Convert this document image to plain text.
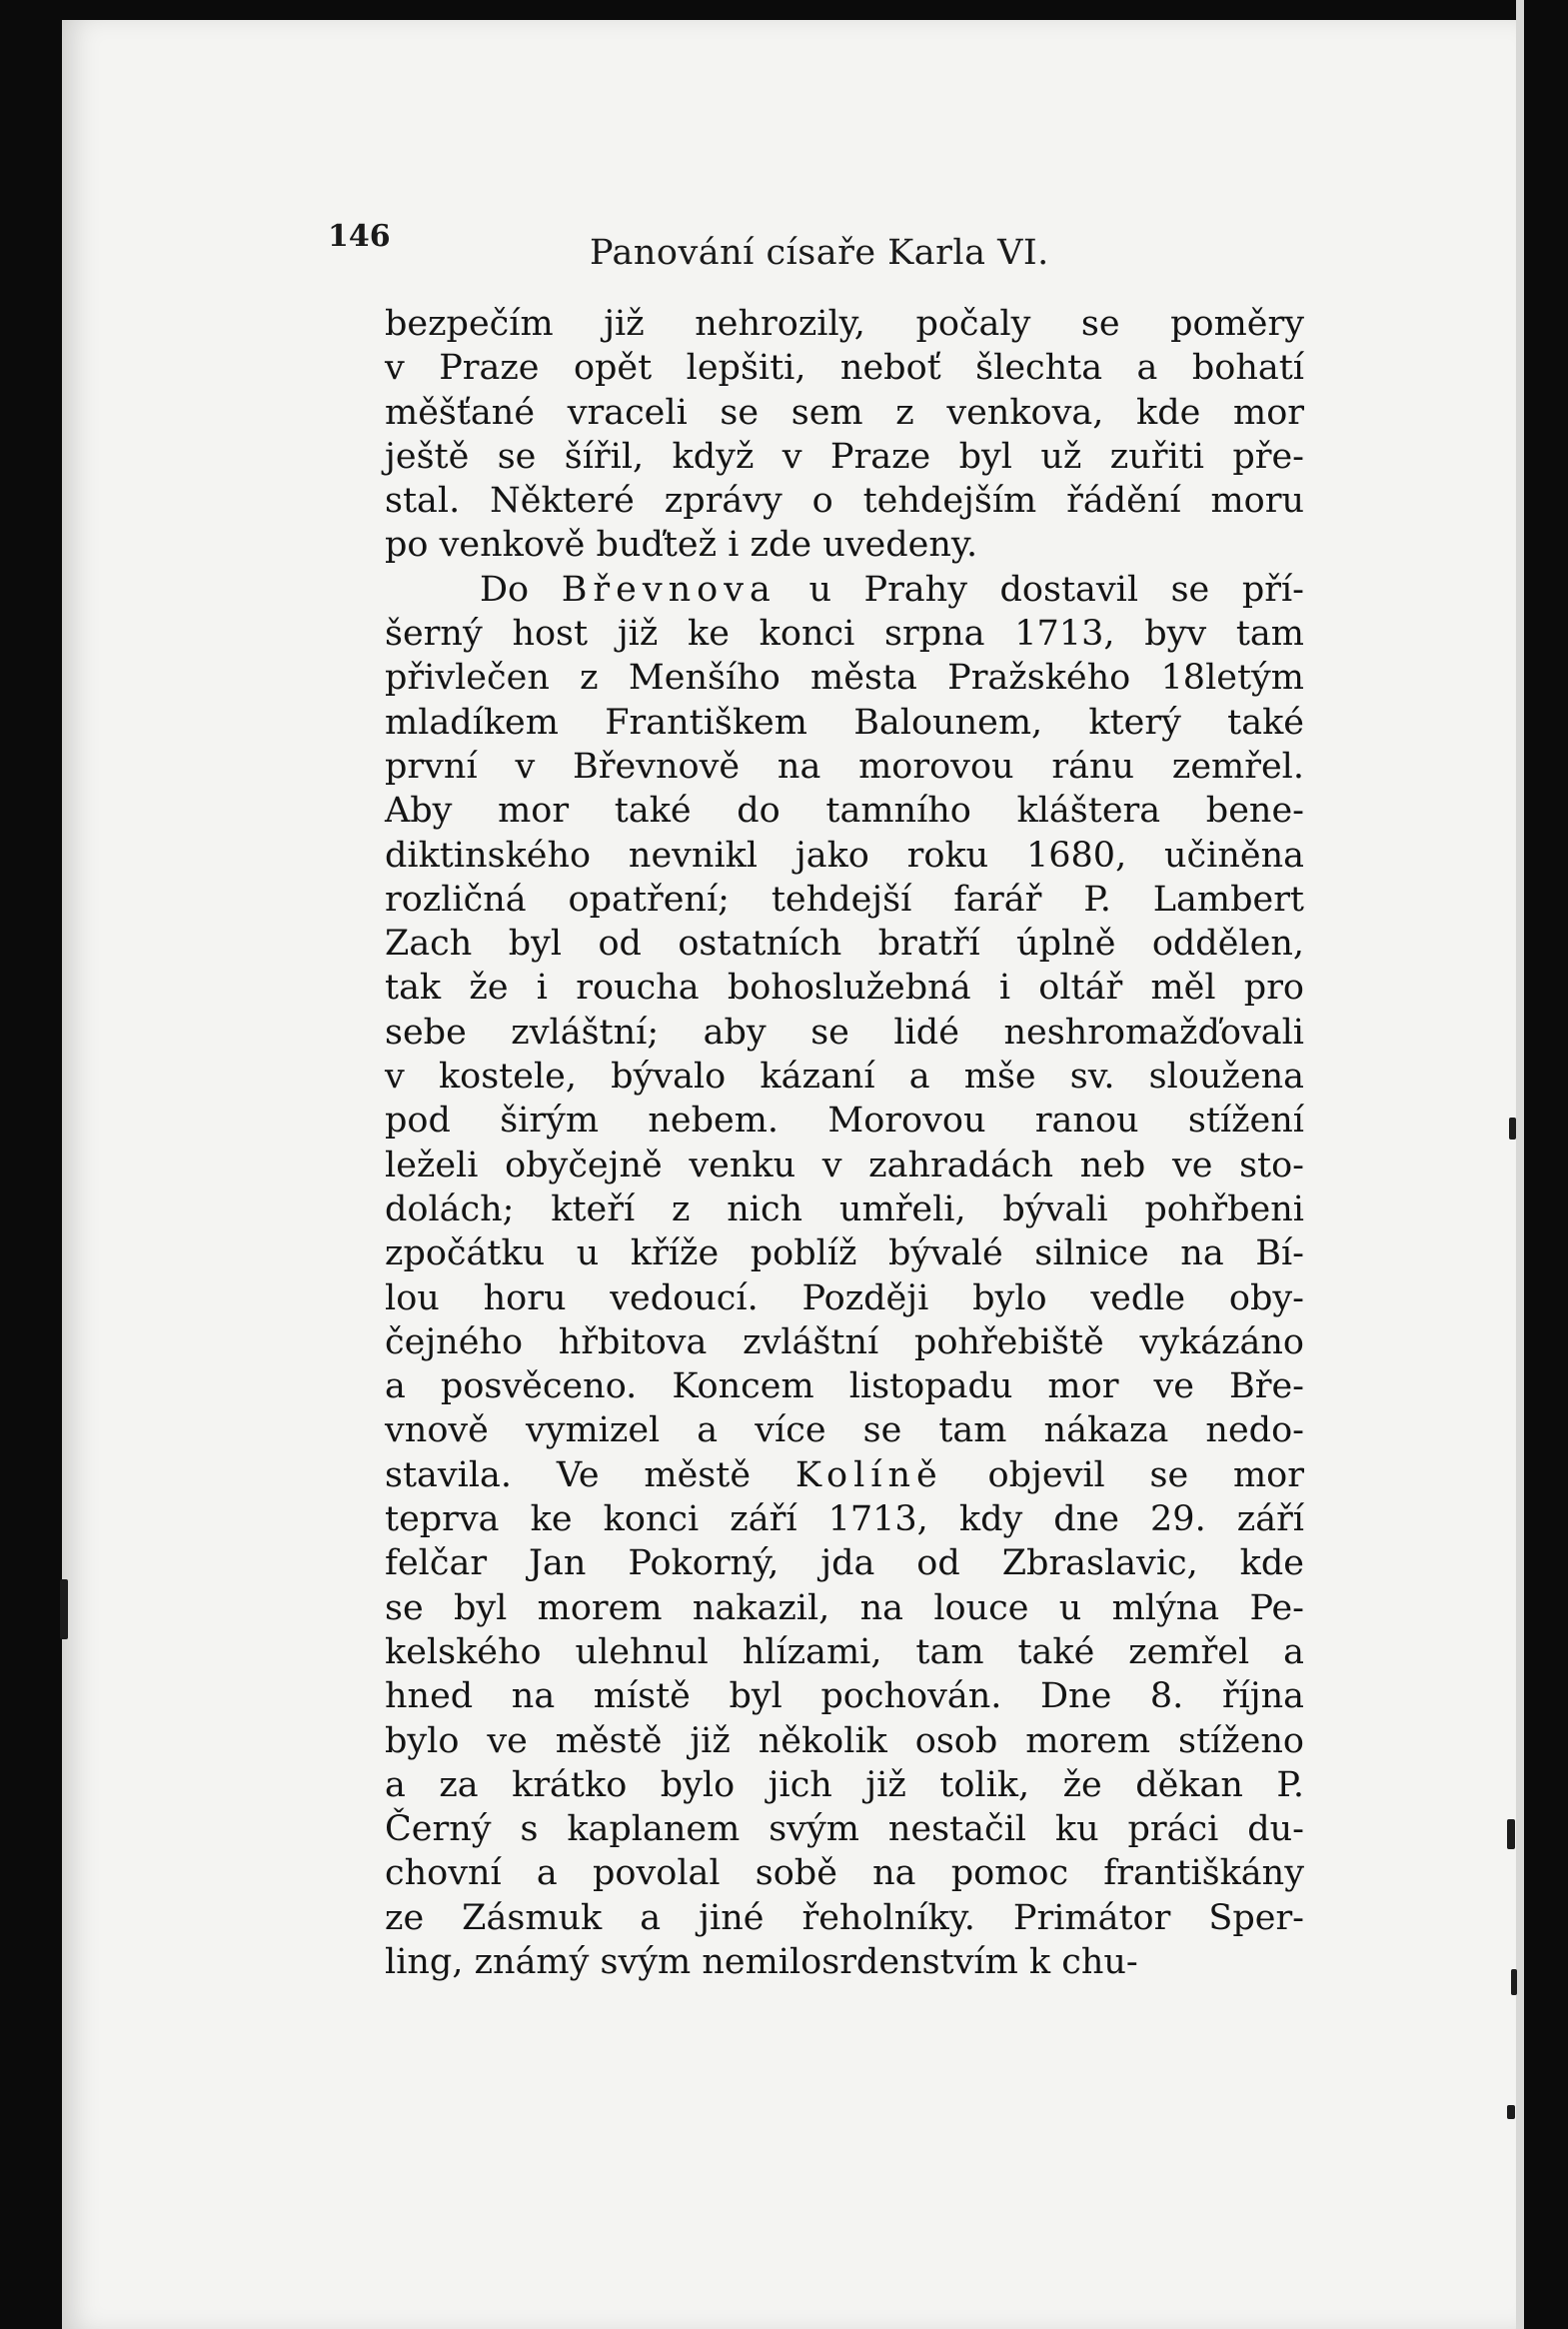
146	Panování císaře Karla VI.
bezpečím již nehrozily, počaly se poměry
v Praze opět lepšiti, neboť šlechta a bohatí
měšťané vraceli se sem z venkova, kde mor
ještě se šířil, když v Praze byl už zuřiti pře-
stal. Některé zprávy o tehdejším řádění moru
po venkově buďtež i zde uvedeny.
Do Břevnova u Prahy dostavil se pří-
šerný host již ke konci srpna 1713, byv tam
přivlečen z Menšího města Pražského 18letým
mladíkem Františkem Balounem, který také
první v Břevnově na morovou ránu zemřel.
Aby mor také do tamního kláštera bene-
diktinského nevnikl jako roku 1680, učiněna
rozličná opatření; tehdejší farář P. Lambert
Zach byl od ostatních bratří úplně oddělen,
tak že i roucha bohoslužebná i oltář měl pro
sebe zvláštní; aby se lidé neshromažďovali
v kostele, bývalo kázaní a mše sv. sloužena
pod širým nebem. Morovou ranou stížení
leželi obyčejně venku v zahradách neb ve sto-
dolách; kteří z nich umřeli, bývali pohřbeni
zpočátku u kříže poblíž bývalé silnice na Bí-
lou horu vedoucí. Později bylo vedle oby-
čejného hřbitova zvláštní pohřebiště vykázáno
a posvěceno. Koncem listopadu mor ve Bře-
vnově vymizel a více se tam nákaza nedo-
stavila. Ve městě Kolíně objevil se mor
teprva ke konci září 1713, kdy dne 29. září
felčar Jan Pokorný, jda od Zbraslavic, kde
se byl morem nakazil, na louce u mlýna Pe-
kelského ulehnul hlízami, tam také zemřel a
hned na místě byl pochován. Dne 8. října
bylo ve městě již několik osob morem stíženo
a za krátko bylo jich již tolik, že děkan P.
Černý s kaplanem svým nestačil ku práci du-
chovní a povolal sobě na pomoc františkány
ze Zásmuk a jiné řeholníky. Primátor Sper-
ling, známý svým nemilosrdenstvím k chu-
